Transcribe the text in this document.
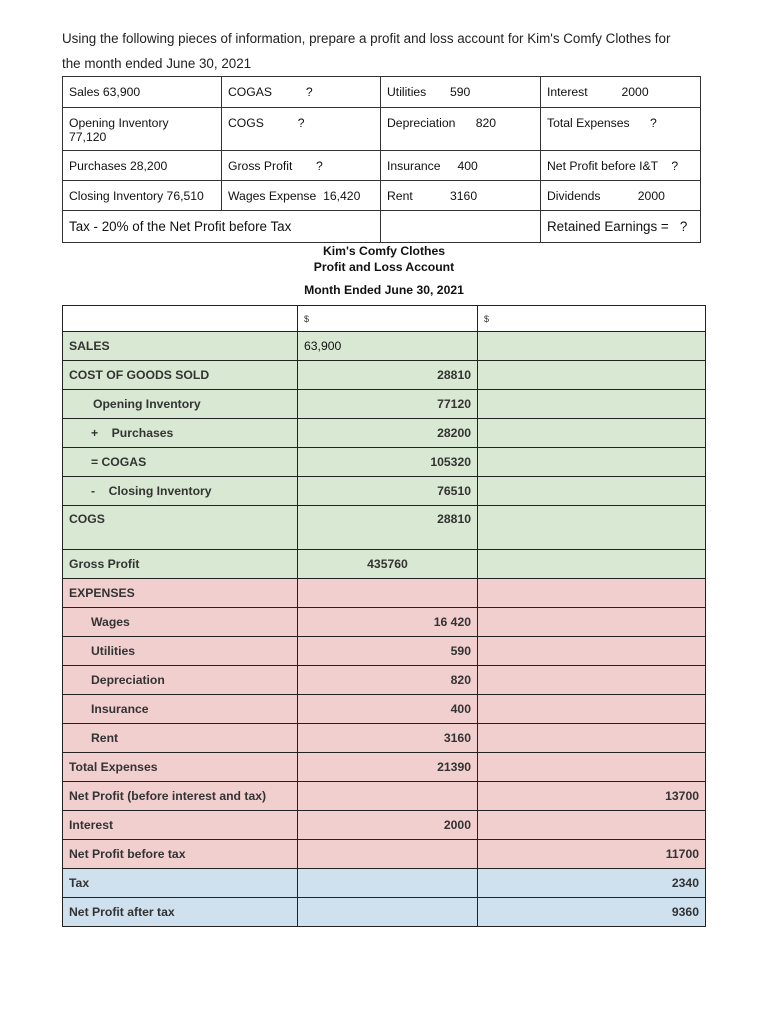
Using the following pieces of information, prepare a profit and loss account for Kim's Comfy Clothes for
the month ended June 30, 2021
Sales 63,900	COGAS          ?	Utilities       590	Interest          2000
Opening Inventory
77,120	COGS          ?	Depreciation      820	Total Expenses      ?
Purchases 28,200	Gross Profit       ?	Insurance     400	Net Profit before I&T    ?
Closing Inventory 76,510	Wages Expense  16,420	Rent           3160	Dividends           2000
Tax - 20% of the Net Profit before Tax			Retained Earnings =   ?
Kim's Comfy Clothes
Profit and Loss Account
Month Ended June 30, 2021
	$	$
SALES	63,900	
COST OF GOODS SOLD	28810	
Opening Inventory	77120	
+    Purchases	28200	
= COGAS	105320	
-    Closing Inventory	76510	
COGS	28810	
Gross Profit	435760	
EXPENSES		
Wages	16 420	
Utilities	590	
Depreciation	820	
Insurance	400	
Rent	3160	
Total Expenses	21390	
Net Profit (before interest and tax)		13700
Interest	2000	
Net Profit before tax		11700
Tax		2340
Net Profit after tax		9360
